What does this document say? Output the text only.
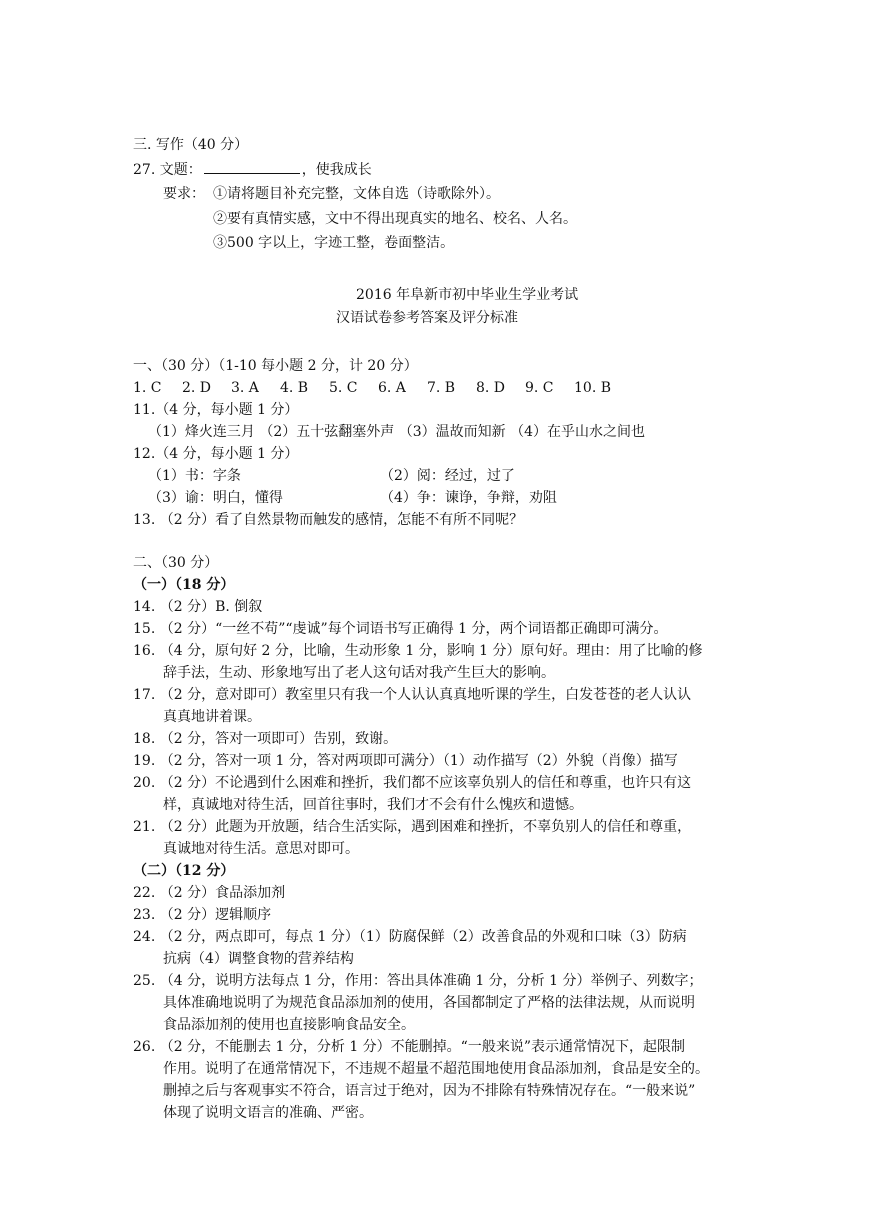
三. 写作（40 分）
27. 文题：	，使我成长
要求： ①请将题目补充完整，文体自选（诗歌除外）。
②要有真情实感，文中不得出现真实的地名、校名、人名。
③500 字以上，字迹工整，卷面整洁。
2016 年阜新市初中毕业生学业考试
汉语试卷参考答案及评分标准
一、（30 分）（1-10 每小题 2 分，计 20 分）
1. C 2. D 3. A 4. B 5. C 6. A 7. B 8. D 9. C 10. B
11.（4 分，每小题 1 分）
（1）烽火连三月 （2）五十弦翻塞外声 （3）温故而知新 （4）在乎山水之间也
12.（4 分，每小题 1 分）
（1）书：字条	（2）阅：经过，过了
（3）谕：明白，懂得	（4）争：谏诤，争辩，劝阻
13. （2 分）看了自然景物而触发的感情，怎能不有所不同呢？
二、（30 分）
（一）（18 分）
14. （2 分）B. 倒叙
15. （2 分）“一丝不苟”“虔诚”每个词语书写正确得 1 分，两个词语都正确即可满分。
16. （4 分，原句好 2 分，比喻，生动形象 1 分，影响 1 分）原句好。理由：用了比喻的修
辞手法，生动、形象地写出了老人这句话对我产生巨大的影响。
17. （2 分，意对即可）教室里只有我一个人认认真真地听课的学生，白发苍苍的老人认认
真真地讲着课。
18. （2 分，答对一项即可）告别，致谢。
19. （2 分，答对一项 1 分，答对两项即可满分）（1）动作描写（2）外貌（肖像）描写
20. （2 分）不论遇到什么困难和挫折，我们都不应该辜负别人的信任和尊重，也许只有这
样，真诚地对待生活，回首往事时，我们才不会有什么愧疚和遗憾。
21. （2 分）此题为开放题，结合生活实际，遇到困难和挫折，不辜负别人的信任和尊重，
真诚地对待生活。意思对即可。
（二）（12 分）
22. （2 分）食品添加剂
23. （2 分）逻辑顺序
24. （2 分，两点即可，每点 1 分）（1）防腐保鲜（2）改善食品的外观和口味（3）防病
抗病（4）调整食物的营养结构
25. （4 分，说明方法每点 1 分，作用：答出具体准确 1 分，分析 1 分）举例子、列数字；
具体准确地说明了为规范食品添加剂的使用，各国都制定了严格的法律法规，从而说明
食品添加剂的使用也直接影响食品安全。
26. （2 分，不能删去 1 分，分析 1 分）不能删掉。“一般来说”表示通常情况下，起限制
作用。说明了在通常情况下，不违规不超量不超范围地使用食品添加剂，食品是安全的。
删掉之后与客观事实不符合，语言过于绝对，因为不排除有特殊情况存在。“一般来说”
体现了说明文语言的准确、严密。
